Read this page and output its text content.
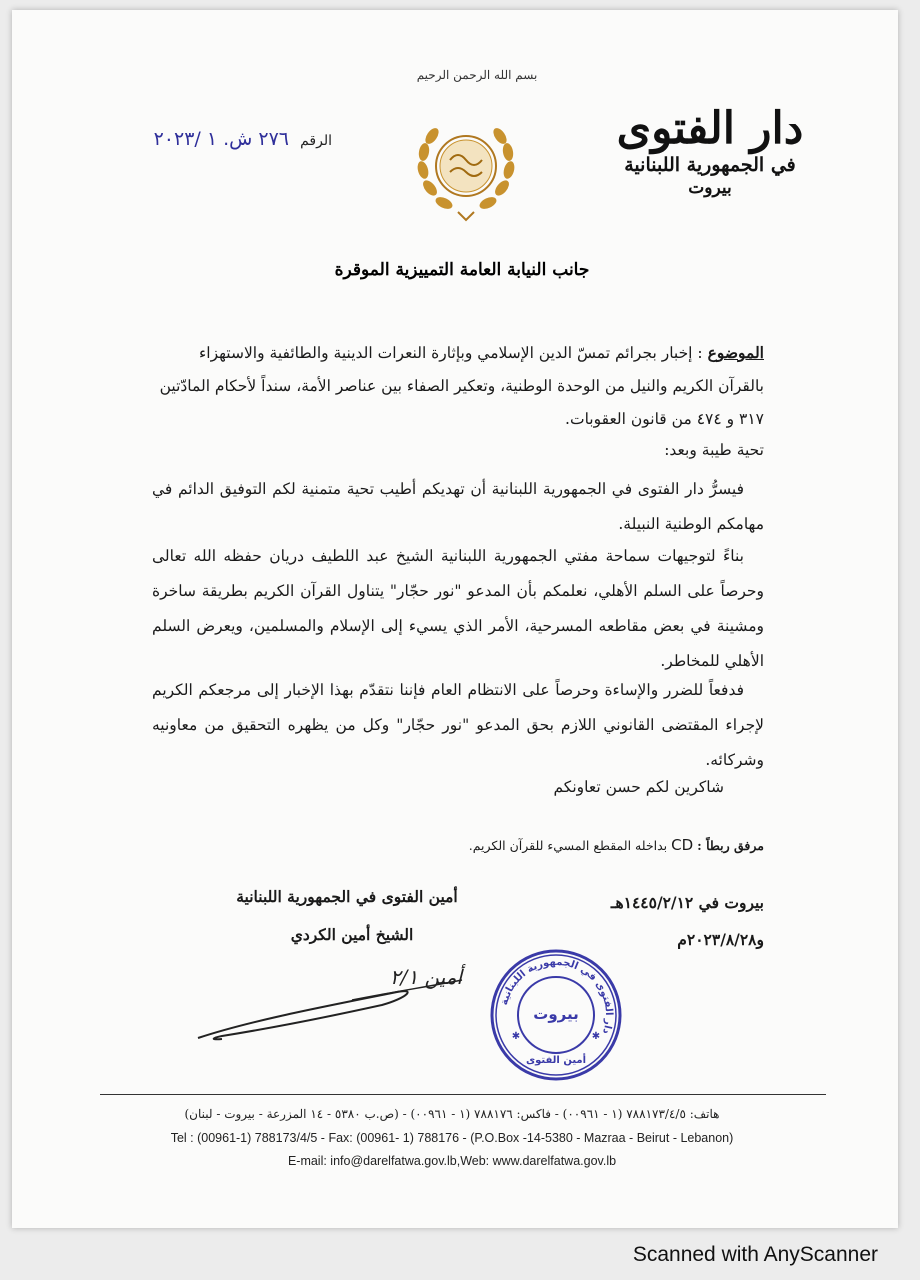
بسم الله الرحمن الرحيم
دار الفتوى
في الجمهورية اللبنانية
بيروت
الرقم ٢٧٦ ش. ١ /٢٠٢٣
جانب النيابة العامة التمييزية الموقرة
الموضوع : إخبار بجرائم تمسّ الدين الإسلامي وبإثارة النعرات الدينية والطائفية والاستهزاء بالقرآن الكريم والنيل من الوحدة الوطنية، وتعكير الصفاء بين عناصر الأمة، سنداً لأحكام المادّتين ٣١٧ و ٤٧٤ من قانون العقوبات.
تحية طيبة وبعد:
فيسرُّ دار الفتوى في الجمهورية اللبنانية أن تهديكم أطيب تحية متمنية لكم التوفيق الدائم في مهامكم الوطنية النبيلة.
بناءً لتوجيهات سماحة مفتي الجمهورية اللبنانية الشيخ عبد اللطيف دريان حفظه الله تعالى وحرصاً على السلم الأهلي، نعلمكم بأن المدعو "نور حجّار" يتناول القرآن الكريم بطريقة ساخرة ومشينة في بعض مقاطعه المسرحية، الأمر الذي يسيء إلى الإسلام والمسلمين، ويعرض السلم الأهلي للمخاطر.
فدفعاً للضرر والإساءة وحرصاً على الانتظام العام فإننا نتقدّم بهذا الإخبار إلى مرجعكم الكريم لإجراء المقتضى القانوني اللازم بحق المدعو "نور حجّار" وكل من يظهره التحقيق من معاونيه وشركائه.
شاكرين لكم حسن تعاونكم
مرفق ربطاً : CD بداخله المقطع المسيء للقرآن الكريم.
بيروت في ١٤٤٥/٢/١٢هـ
و٢٠٢٣/٨/٢٨م
أمين الفتوى في الجمهورية اللبنانية
الشيخ أمين الكردي
أمين ٢/١
دار الفتوى في الجمهورية اللبنانية
بيروت
أمين الفتوى
✱	✱
هاتف: ٧٨٨١٧٣/٤/٥ (١ - ٠٠٩٦١) - فاكس: ٧٨٨١٧٦ (١ - ٠٠٩٦١) - (ص.ب ٥٣٨٠ - ١٤ المزرعة - بيروت - لبنان)
Tel : (00961-1) 788173/4/5 - Fax: (00961- 1) 788176 - (P.O.Box -14-5380 - Mazraa - Beirut - Lebanon)
E-mail: info@darelfatwa.gov.lb,Web: www.darelfatwa.gov.lb
Scanned with AnyScanner
